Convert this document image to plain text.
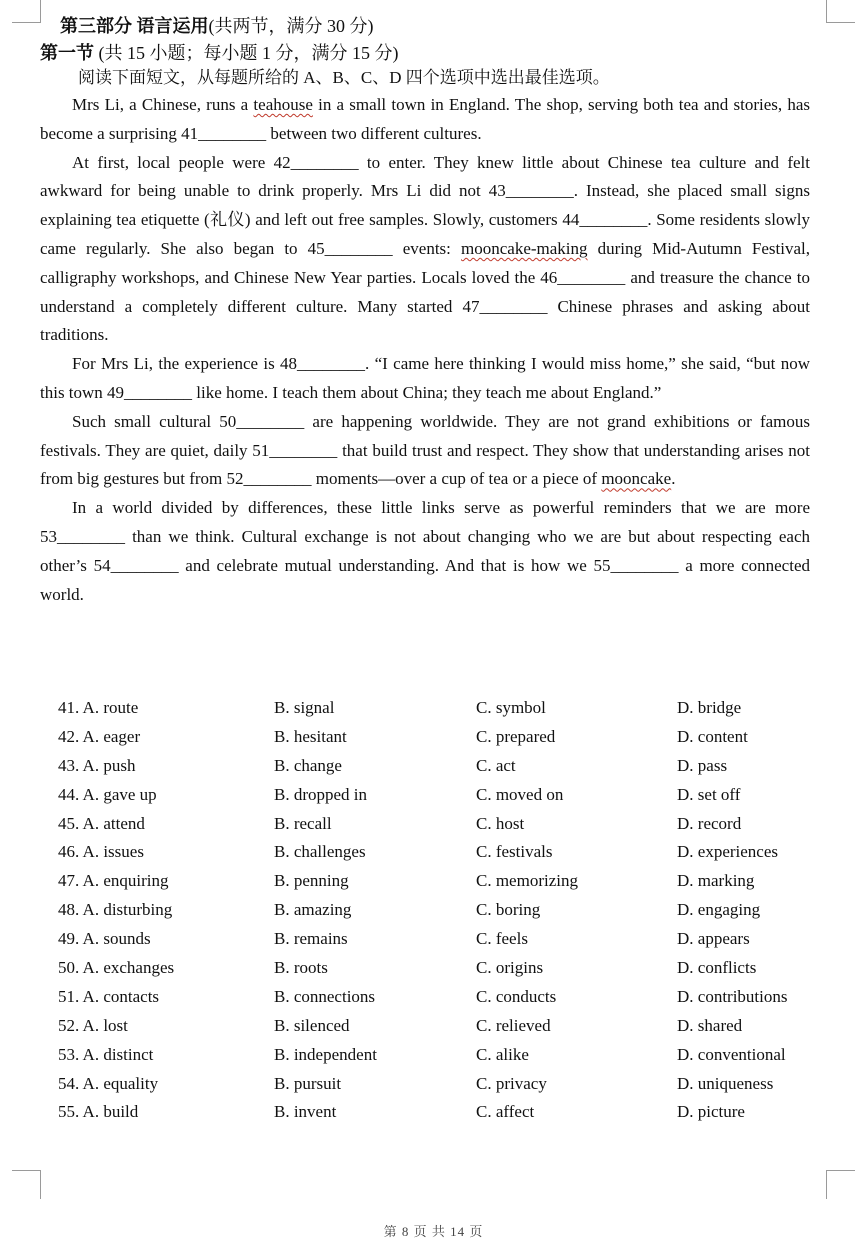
第三部分 语言运用(共两节，满分 30 分)
第一节 (共 15 小题；每小题 1 分，满分 15 分)
阅读下面短文，从每题所给的 A、B、C、D 四个选项中选出最佳选项。

Mrs Li, a Chinese, runs a teahouse in a small town in England. The shop, serving both tea and stories, has become a surprising 41________ between two different cultures.

At first, local people were 42________ to enter. They knew little about Chinese tea culture and felt awkward for being unable to drink properly. Mrs Li did not 43________. Instead, she placed small signs explaining tea etiquette (礼仪) and left out free samples. Slowly, customers 44________. Some residents slowly came regularly. She also began to 45________ events: mooncake-making during Mid-Autumn Festival, calligraphy workshops, and Chinese New Year parties. Locals loved the 46________ and treasure the chance to understand a completely different culture. Many started 47________ Chinese phrases and asking about traditions.

For Mrs Li, the experience is 48________. “I came here thinking I would miss home,” she said, “but now this town 49________ like home. I teach them about China; they teach me about England.”

Such small cultural 50________ are happening worldwide. They are not grand exhibitions or famous festivals. They are quiet, daily 51________ that build trust and respect. They show that understanding arises not from big gestures but from 52________ moments—over a cup of tea or a piece of mooncake.

In a world divided by differences, these little links serve as powerful reminders that we are more 53________ than we think. Cultural exchange is not about changing who we are but about respecting each other’s 54________ and celebrate mutual understanding. And that is how we 55________ a more connected world.

41. A. route	B. signal	C. symbol	D. bridge
42. A. eager	B. hesitant	C. prepared	D. content
43. A. push	B. change	C. act	D. pass
44. A. gave up	B. dropped in	C. moved on	D. set off
45. A. attend	B. recall	C. host	D. record
46. A. issues	B. challenges	C. festivals	D. experiences
47. A. enquiring	B. penning	C. memorizing	D. marking
48. A. disturbing	B. amazing	C. boring	D. engaging
49. A. sounds	B. remains	C. feels	D. appears
50. A. exchanges	B. roots	C. origins	D. conflicts
51. A. contacts	B. connections	C. conducts	D. contributions
52. A. lost	B. silenced	C. relieved	D. shared
53. A. distinct	B. independent	C. alike	D. conventional
54. A. equality	B. pursuit	C. privacy	D. uniqueness
55. A. build	B. invent	C. affect	D. picture
第 8 页 共 14 页
